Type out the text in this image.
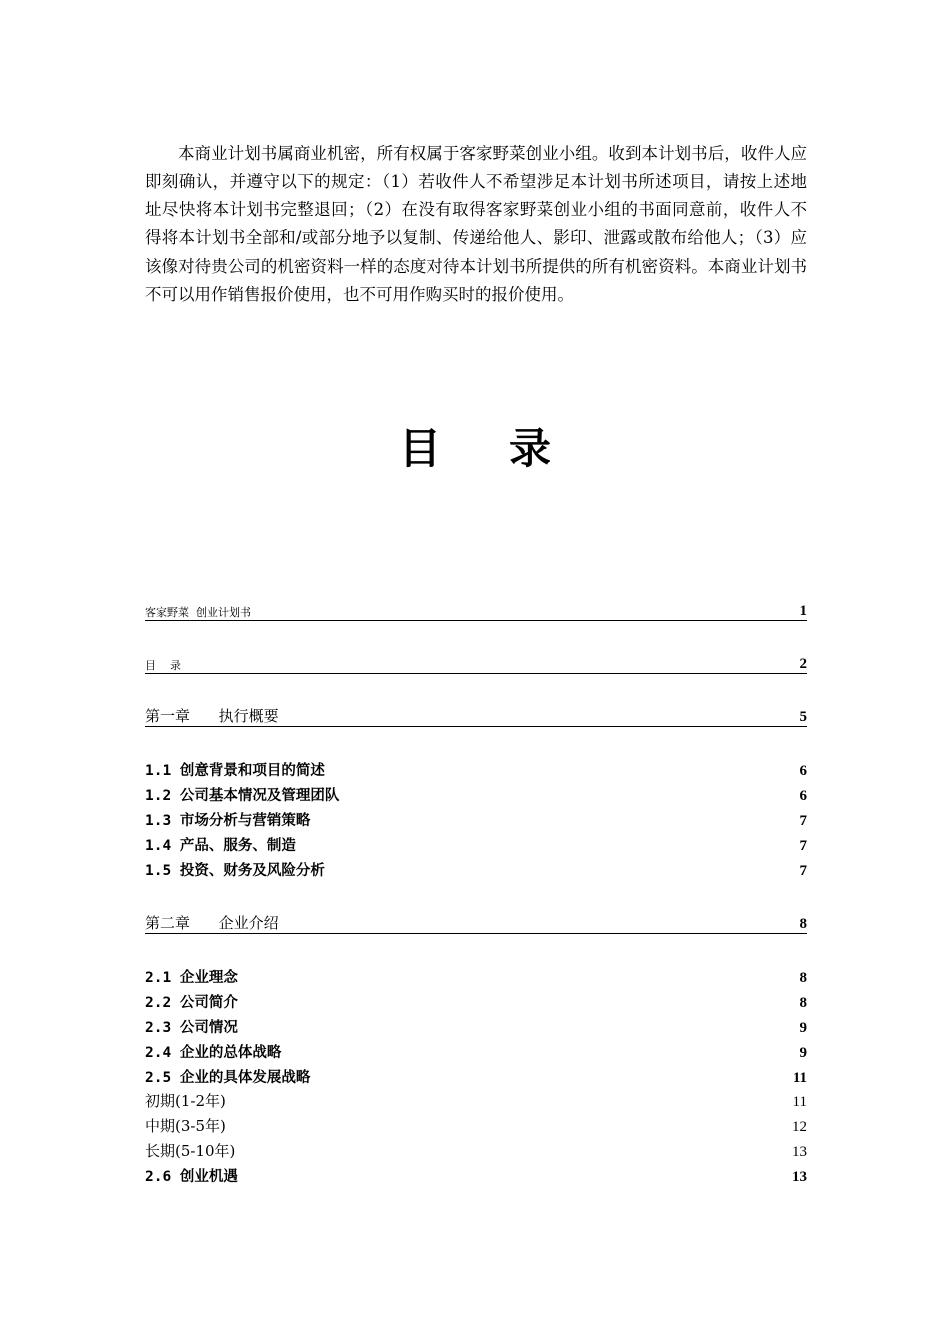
本商业计划书属商业机密，所有权属于客家野菜创业小组。收到本计划书后，收件人应即刻确认，并遵守以下的规定：（1）若收件人不希望涉足本计划书所述项目，请按上述地址尽快将本计划书完整退回；（2）在没有取得客家野菜创业小组的书面同意前，收件人不得将本计划书全部和/或部分地予以复制、传递给他人、影印、泄露或散布给他人；（3）应该像对待贵公司的机密资料一样的态度对待本计划书所提供的所有机密资料。本商业计划书不可以用作销售报价使用，也不可用作购买时的报价使用。

目录
客家野菜  创业计划书	1
目    录	2
第一章      执行概要	5
1.1 创意背景和项目的简述	6
1.2 公司基本情况及管理团队	6
1.3 市场分析与营销策略	7
1.4 产品、服务、制造	7
1.5 投资、财务及风险分析	7
第二章      企业介绍	8
2.1 企业理念	8
2.2 公司简介	8
2.3 公司情况	9
2.4 企业的总体战略	9
2.5 企业的具体发展战略	11
初期(1-2年)	11
中期(3-5年)	12
长期(5-10年)	13
2.6 创业机遇	13
